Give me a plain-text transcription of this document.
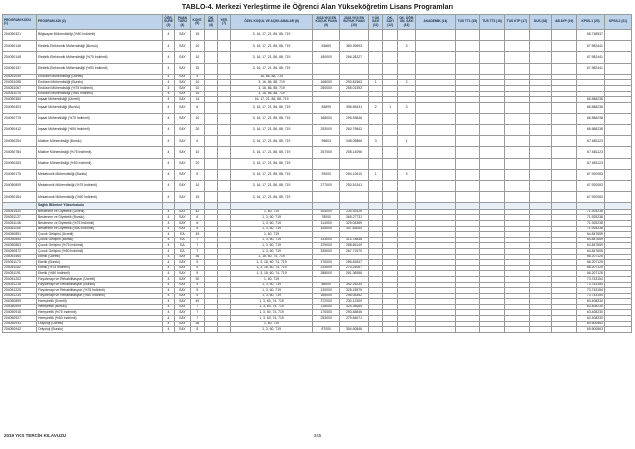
TABLO-4. Merkezi Yerleştirme ile Öğrenci Alan Yükseköğretim Lisans Programları
PROGRAM KODU (1)	PROGRAM ADI (2)	ÖĞR. SÜRE (3)	PUAN TÜRÜ (4)	KONT. (5)	OK. BİR. (6)	YER. (7)	ÖZEL KOŞUL VE AÇIKLAMALAR (8)	2018 YKS EN KÜÇÜK PUAN (9)	2018 YKS EN BÜYÜK PUAN (10)	Y.ÖK SAYI (11)	OK. SAYI (12)	OK. ÖĞR. ÖN. SAYI (13)	AKADEMİK (14)	TUS TT1 (15)	TUS TT2 (16)	TUS KTP (17)	DUS (18)	AB AYP (19)	KPSS-1 (20)	KPSS-2 (21)
204050321	Bilgisayar Mühendisliği (%50 İndirimli)	4	SAY	15			3, 16, 17, 21, 86, 88, 719												65.748537	
204050146	Elektrik-Elektronik Mühendisliği (Burslu)	4	SAY	10			3, 16, 17, 21, 86, 88, 719	83669	380.39693			3							67.982441	
204050148	Elektrik-Elektronik Mühendisliği (%75 İndirimli)	4	SAY	10			3, 16, 17, 21, 86, 88, 719	180000	266.28227										67.982441	
204050157	Elektrik-Elektronik Mühendisliği (%50 İndirimli)	4	SAY	15			3, 16, 17, 21, 86, 88, 719												67.982441	
204051049	Endüstri Mühendisliği (Ücretli)	4	SAY	5			16, 86, 88, 719													
204051058	Endüstri Mühendisliği (Burslu)	4	SAY	10			3, 16, 86, 88, 719	168000	290.81563	1		2								
204051067	Endüstri Mühendisliği (%75 İndirimli)	4	SAY	10			3, 16, 86, 88, 719	250000	255.01392											
204051076	Endüstri Mühendisliği (%50 İndirimli)	4	SAY	15			3, 16, 86, 88, 719													
204050360	İnşaat Mühendisliği (Ücretli)	4	SAY	14			16, 17, 21, 86, 88, 719												66.586238	
204050403	İnşaat Mühendisliği (Burslu)	4	SAY	6			3, 16, 17, 21, 86, 88, 719	83699	358.65431	2	1	3							66.586238	
204050775	İnşaat Mühendisliği (%75 İndirimli)	4	SAY	10			3, 16, 17, 21, 86, 88, 719	168000	295.53846										66.586238	
204050412	İnşaat Mühendisliği (%50 İndirimli)	4	SAY	20			3, 16, 17, 21, 86, 88, 719	253000	260.79842										66.586238	
204050254	Makine Mühendisliği (Burslu)	4	SAY	6			3, 16, 17, 21, 86, 88, 719	95803	348.05866	3		1							67.681123	
204050784	Makine Mühendisliği (%75 İndirimli)	4	SAY	10			3, 16, 17, 21, 86, 88, 719	257000	258.14096										67.681123	
204050263	Makine Mühendisliği (%50 İndirimli)	4	SAY	20			3, 16, 17, 21, 86, 88, 719												67.681123	
204050175	Mekatronik Mühendisliği (Burslu)	4	SAY	5			3, 16, 17, 21, 86, 88, 719	93000	284.12610	1		3							67.920083	
204050809	Mekatronik Mühendisliği (%75 İndirimli)	4	SAY	10			3, 16, 17, 21, 86, 88, 719	277000	250.51341										67.920083	
204050184	Mekatronik Mühendisliği (%50 İndirimli)	4	SAY	15			3, 16, 17, 21, 86, 88, 719												67.920083	
	Sağlık Bilimleri Yüksekokulu																			
204051520	Beslenme ve Diyetetik (Ücretli)	4	SAY	42			1, 60, 719	304000	234.92426										71.925238	
204051137	Beslenme ve Diyetetik (Burslu)	4	SAY	6			1, 3, 60, 719	78000	365.27731										71.925238	
204051146	Beslenme ve Diyetetik (%75 İndirimli)	4	SAY	6			1, 3, 60, 719	114000	329.04369										71.925238	
204051155	Beslenme ve Diyetetik (%50 İndirimli)	4	SAY	6			1, 3, 60, 719	154000	307.63050										71.925238	
204050891	Çocuk Gelişimi (Ücretli)	4	EA	49			1, 60, 719												64.847659	
204050854	Çocuk Gelişimi (Burslu)	4	EA	7			1, 3, 60, 719	143000	314.78836										64.847659	
204050863	Çocuk Gelişimi (%75 İndirimli)	4	EA	7			1, 3, 60, 719	229000	288.65140										64.847659	
204050872	Çocuk Gelişimi (%50 İndirimli)	4	EA	7			1, 3, 60, 719	335000	267.71970										64.847659	
204051564	Ebelik (Ücretli)	4	SAY	36			1, 18, 60, 74, 719												66.207125	
204051173	Ebelik (Burslu)	4	SAY	5			1, 3, 18, 60, 74, 719	176000	286.81847										66.207125	
204051182	Ebelik (%75 İndirimli)	4	SAY	5			1, 3, 18, 60, 74, 719	233000	270.24067										66.207125	
204051191	Ebelik (%50 İndirimli)	4	SAY	5			1, 3, 18, 60, 74, 719	288000	261.36956										66.207125	
204051202	Fizyoterapi ve Rehabilitasyon (Ücretli)	4	SAY	30			1, 60, 719												73.743154	
204051216	Fizyoterapi ve Rehabilitasyon (Burslu)	4	SAY	5			1, 3, 60, 719	88000	352.25234										73.743154	
204051225	Fizyoterapi ve Rehabilitasyon (%75 İndirimli)	4	SAY	5			1, 3, 60, 719	130000	325.15575										73.743154	
204051234	Fizyoterapi ve Rehabilitasyon (%50 İndirimli)	4	SAY	5			1, 3, 60, 719	165000	298.05352										73.743154	
204050899	Hemşirelik (Ücretli)	4	SAY	49			1, 3, 60, 74, 719	372000	230.12300										63.408230	
204050909	Hemşirelik (Burslu)	4	SAY	7			1, 3, 60, 74, 719	118000	324.35065										63.408230	
204050918	Hemşirelik (%75 İndirimli)	4	SAY	7			1, 3, 60, 74, 719	170000	293.48846										63.408230	
204050927	Hemşirelik (%50 İndirimli)	4	SAY	7			1, 3, 60, 74, 719	253000	279.84671										63.408230	
204050933	Odyoloji (Ücretli)	4	SAY	36			1, 60, 719												69.500563	
204050942	Odyoloji (Burslu)	4	SAY	5			1, 3, 60, 719	87000	354.60846										69.500563	
2019 YKS TERCİH KILAVUZU	345
